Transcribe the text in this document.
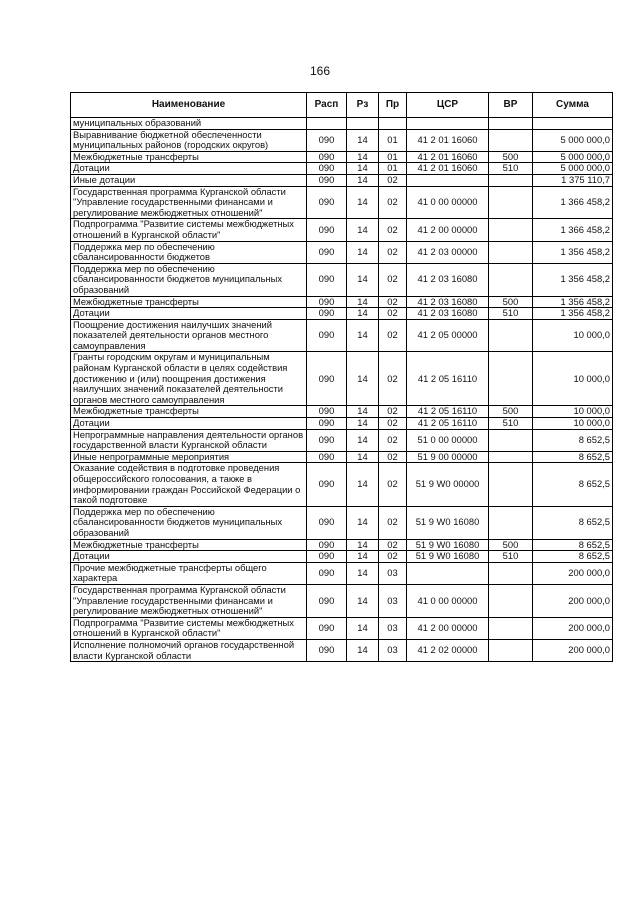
166
Наименование	Расп	Рз	Пр	ЦСР	ВР	Сумма
муниципальных образований						
Выравнивание бюджетной обеспеченности муниципальных районов (городских округов)	090	14	01	41 2 01 16060		5 000 000,0
Межбюджетные трансферты	090	14	01	41 2 01 16060	500	5 000 000,0
Дотации	090	14	01	41 2 01 16060	510	5 000 000,0
Иные дотации	090	14	02			1 375 110,7
Государственная программа Курганской области "Управление государственными финансами и регулирование межбюджетных отношений"	090	14	02	41 0 00 00000		1 366 458,2
Подпрограмма "Развитие системы межбюджетных отношений в Курганской области"	090	14	02	41 2 00 00000		1 366 458,2
Поддержка мер по обеспечению сбалансированности бюджетов	090	14	02	41 2 03 00000		1 356 458,2
Поддержка мер по обеспечению сбалансированности бюджетов муниципальных образований	090	14	02	41 2 03 16080		1 356 458,2
Межбюджетные трансферты	090	14	02	41 2 03 16080	500	1 356 458,2
Дотации	090	14	02	41 2 03 16080	510	1 356 458,2
Поощрение достижения наилучших значений показателей деятельности органов местного самоуправления	090	14	02	41 2 05 00000		10 000,0
Гранты городским округам и муниципальным районам Курганской области в целях содействия достижению и (или) поощрения достижения наилучших значений показателей деятельности органов местного самоуправления	090	14	02	41 2 05 16110		10 000,0
Межбюджетные трансферты	090	14	02	41 2 05 16110	500	10 000,0
Дотации	090	14	02	41 2 05 16110	510	10 000,0
Непрограммные направления деятельности органов государственной власти Курганской области	090	14	02	51 0 00 00000		8 652,5
Иные непрограммные мероприятия	090	14	02	51 9 00 00000		8 652,5
Оказание содействия в подготовке проведения общероссийского голосования, а также в информировании граждан Российской Федерации о такой подготовке	090	14	02	51 9 W0 00000		8 652,5
Поддержка мер по обеспечению сбалансированности бюджетов муниципальных образований	090	14	02	51 9 W0 16080		8 652,5
Межбюджетные трансферты	090	14	02	51 9 W0 16080	500	8 652,5
Дотации	090	14	02	51 9 W0 16080	510	8 652,5
Прочие межбюджетные трансферты общего характера	090	14	03			200 000,0
Государственная программа Курганской области "Управление государственными финансами и регулирование межбюджетных отношений"	090	14	03	41 0 00 00000		200 000,0
Подпрограмма "Развитие системы межбюджетных отношений в Курганской области"	090	14	03	41 2 00 00000		200 000,0
Исполнение полномочий органов государственной власти Курганской области	090	14	03	41 2 02 00000		200 000,0
